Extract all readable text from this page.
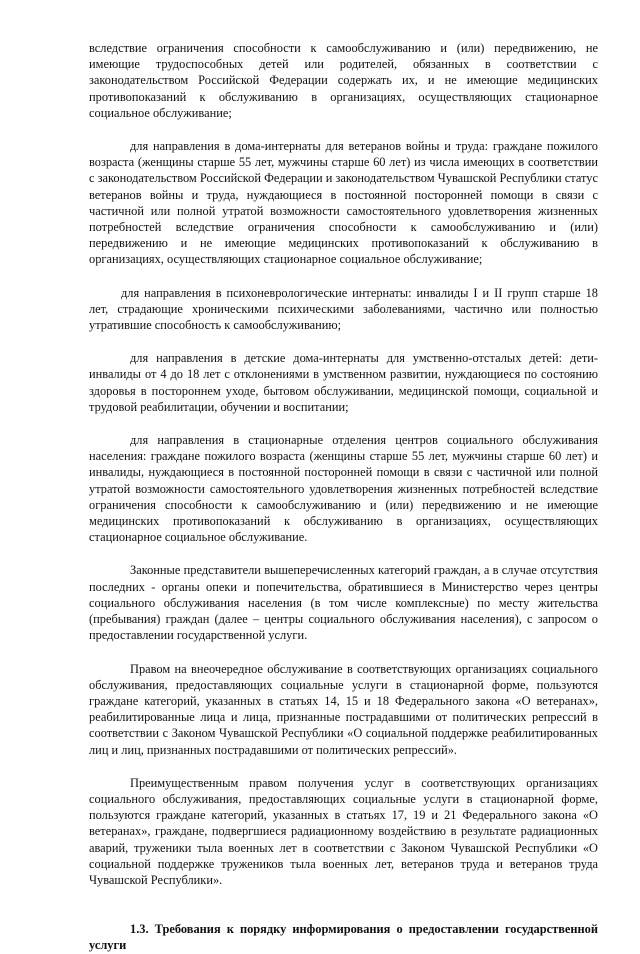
вследствие ограничения способности к самообслуживанию и (или) передвижению, не имеющие трудоспособных детей или родителей, обязанных в соответствии с законодательством Российской Федерации содержать их, и не имеющие медицинских противопоказаний к обслуживанию в организациях, осуществляющих стационарное социальное обслуживание;

для направления в дома-интернаты для ветеранов войны и труда: граждане пожилого возраста (женщины старше 55 лет, мужчины старше 60 лет) из числа имеющих в соответствии с законодательством Российской Федерации и законодательством Чувашской Республики статус ветеранов войны и труда, нуждающиеся в постоянной посторонней помощи в связи с частичной или полной утратой возможности самостоятельного удовлетворения жизненных потребностей вследствие ограничения способности к самообслуживанию и (или) передвижению и не имеющие медицинских противопоказаний к обслуживанию в организациях, осуществляющих стационарное социальное обслуживание;

для направления в психоневрологические интернаты: инвалиды I и II групп старше 18 лет, страдающие хроническими психическими заболеваниями, частично или полностью утратившие способность к самообслуживанию;

для направления в детские дома-интернаты для умственно-отсталых детей: дети-инвалиды от 4 до 18 лет с отклонениями в умственном развитии, нуждающиеся по состоянию здоровья в постороннем уходе, бытовом обслуживании, медицинской помощи, социальной и трудовой реабилитации, обучении и воспитании;

для направления в стационарные отделения центров социального обслуживания населения: граждане пожилого возраста (женщины старше 55 лет, мужчины старше 60 лет) и инвалиды, нуждающиеся в постоянной посторонней помощи в связи с частичной или полной утратой возможности самостоятельного удовлетворения жизненных потребностей вследствие ограничения способности к самообслуживанию и (или) передвижению и не имеющие медицинских противопоказаний к обслуживанию в организациях, осуществляющих стационарное социальное обслуживание.

Законные представители вышеперечисленных категорий граждан, а в случае отсутствия последних - органы опеки и попечительства, обратившиеся в Министерство через центры социального обслуживания населения (в том числе комплексные) по месту жительства (пребывания) граждан (далее – центры социального обслуживания населения), с запросом о предоставлении государственной услуги.

Правом на внеочередное обслуживание в соответствующих организациях социального обслуживания, предоставляющих социальные услуги в стационарной форме, пользуются граждане категорий, указанных в статьях 14, 15 и 18 Федерального закона «О ветеранах», реабилитированные лица и лица, признанные пострадавшими от политических репрессий в соответствии с Законом Чувашской Республики «О социальной поддержке реабилитированных лиц и лиц, признанных пострадавшими от политических репрессий».

Преимущественным правом получения услуг в соответствующих организациях социального обслуживания, предоставляющих социальные услуги в стационарной форме, пользуются граждане категорий, указанных в статьях 17, 19 и 21 Федерального закона «О ветеранах», граждане, подвергшиеся радиационному воздействию в результате радиационных аварий, труженики тыла военных лет в соответствии с Законом Чувашской Республики «О социальной поддержке тружеников тыла военных лет, ветеранов труда и ветеранов труда Чувашской Республики».

1.3. Требования к порядку информирования о предоставлении государственной услуги
